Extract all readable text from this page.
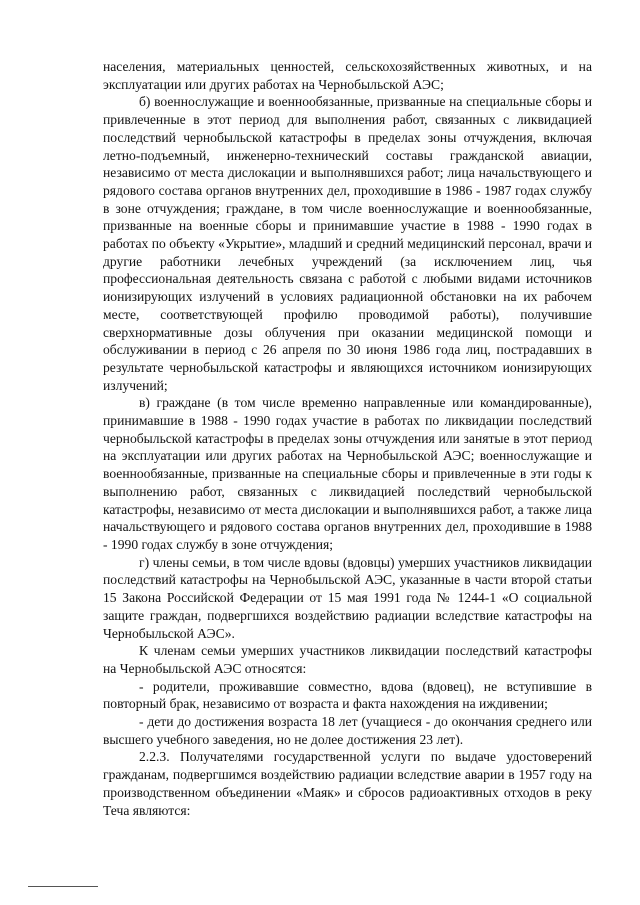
населения, материальных ценностей, сельскохозяйственных животных, и на эксплуатации или других работах на Чернобыльской АЭС;

б) военнослужащие и военнообязанные, призванные на специальные сборы и привлеченные в этот период для выполнения работ, связанных с ликвидацией последствий чернобыльской катастрофы в пределах зоны отчуждения, включая летно-подъемный, инженерно-технический составы гражданской авиации, независимо от места дислокации и выполнявшихся работ; лица начальствующего и рядового состава органов внутренних дел, проходившие в 1986 - 1987 годах службу в зоне отчуждения; граждане, в том числе военнослужащие и военнообязанные, призванные на военные сборы и принимавшие участие в 1988 - 1990 годах в работах по объекту «Укрытие», младший и средний медицинский персонал, врачи и другие работники лечебных учреждений (за исключением лиц, чья профессиональная деятельность связана с работой с любыми видами источников ионизирующих излучений в условиях радиационной обстановки на их рабочем месте, соответствующей профилю проводимой работы), получившие сверхнормативные дозы облучения при оказании медицинской помощи и обслуживании в период с 26 апреля по 30 июня 1986 года лиц, пострадавших в результате чернобыльской катастрофы и являющихся источником ионизирующих излучений;

в) граждане (в том числе временно направленные или командированные), принимавшие в 1988 - 1990 годах участие в работах по ликвидации последствий чернобыльской катастрофы в пределах зоны отчуждения или занятые в этот период на эксплуатации или других работах на Чернобыльской АЭС; военнослужащие и военнообязанные, призванные на специальные сборы и привлеченные в эти годы к выполнению работ, связанных с ликвидацией последствий чернобыльской катастрофы, независимо от места дислокации и выполнявшихся работ, а также лица начальствующего и рядового состава органов внутренних дел, проходившие в 1988 - 1990 годах службу в зоне отчуждения;

г) члены семьи, в том числе вдовы (вдовцы) умерших участников ликвидации последствий катастрофы на Чернобыльской АЭС, указанные в части второй статьи 15 Закона Российской Федерации от 15 мая 1991 года № 1244-1 «О социальной защите граждан, подвергшихся воздействию радиации вследствие катастрофы на Чернобыльской АЭС».

К членам семьи умерших участников ликвидации последствий катастрофы на Чернобыльской АЭС относятся:

- родители, проживавшие совместно, вдова (вдовец), не вступившие в повторный брак, независимо от возраста и факта нахождения на иждивении;

- дети до достижения возраста 18 лет (учащиеся - до окончания среднего или высшего учебного заведения, но не долее достижения 23 лет).

2.2.3. Получателями государственной услуги по выдаче удостоверений гражданам, подвергшимся воздействию радиации вследствие аварии в 1957 году на производственном объединении «Маяк» и сбросов радиоактивных отходов в реку Теча являются:
